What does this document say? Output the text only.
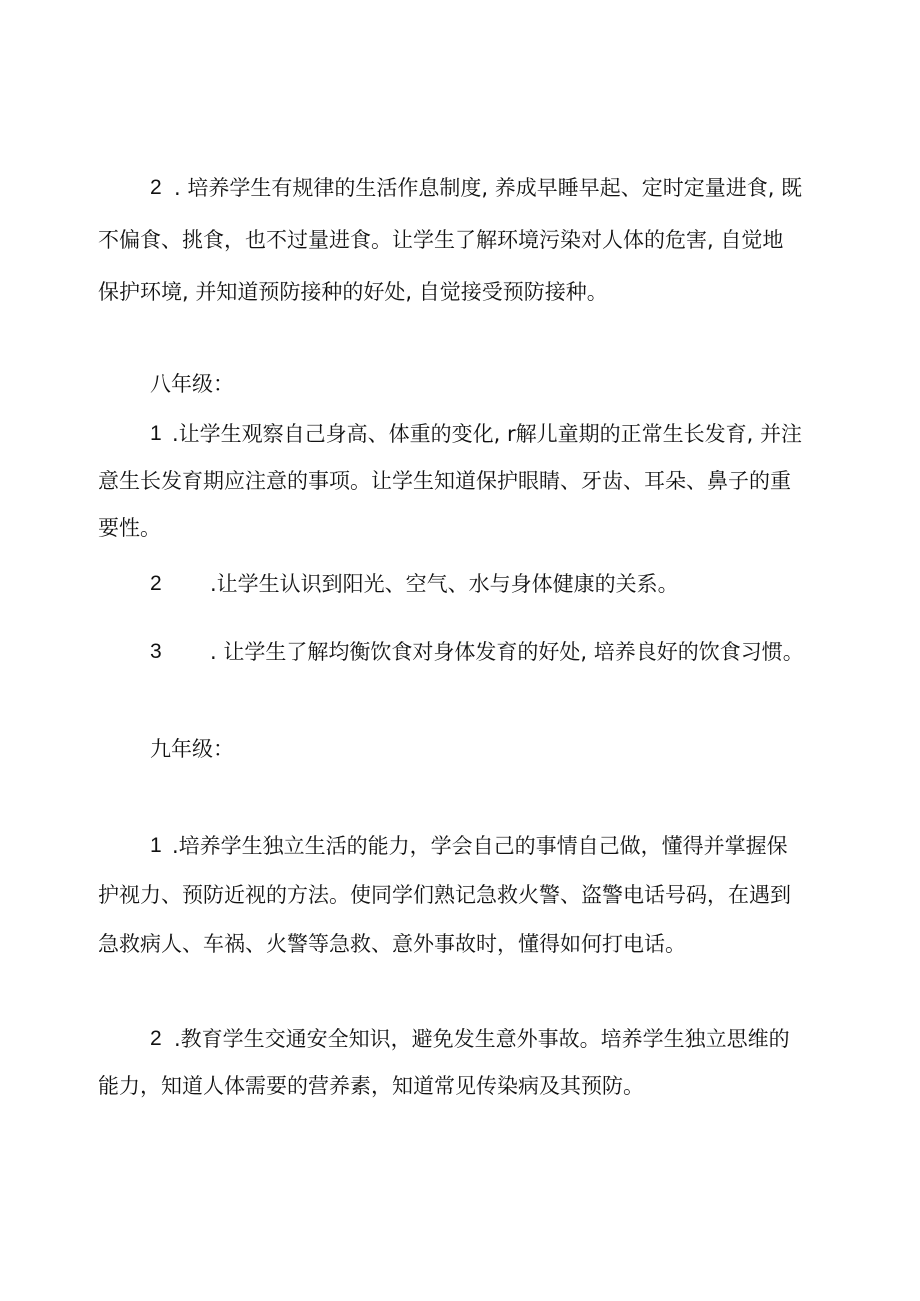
2 . 培养学生有规律的生活作息制度, 养成早睡早起、定时定量进食, 既
不偏食、挑食，也不过量进食。让学生了解环境污染对人体的危害, 自觉地
保护环境, 并知道预防接种的好处, 自觉接受预防接种。
八年级：
1 .让学生观察自己身高、体重的变化, r解儿童期的正常生长发育, 并注
意生长发育期应注意的事项。让学生知道保护眼睛、牙齿、耳朵、鼻子的重
要性。
2 .让学生认识到阳光、空气、水与身体健康的关系。
3 . 让学生了解均衡饮食对身体发育的好处, 培养良好的饮食习惯。
九年级：
1 .培养学生独立生活的能力，学会自己的事情自己做，懂得并掌握保
护视力、预防近视的方法。使同学们熟记急救火警、盗警电话号码，在遇到
急救病人、车祸、火警等急救、意外事故时，懂得如何打电话。
2 .教育学生交通安全知识，避免发生意外事故。培养学生独立思维的
能力，知道人体需要的营养素，知道常见传染病及其预防。
